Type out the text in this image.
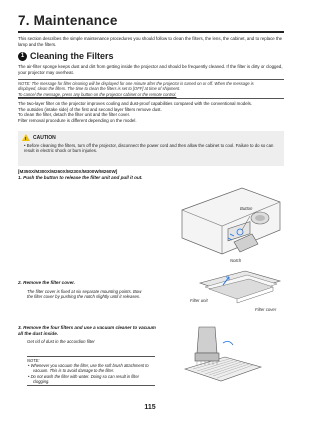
7. Maintenance
This section describes the simple maintenance procedures you should follow to clean the filters, the lens, the cabinet, and to replace the lamp and the filters.
1 Cleaning the Filters
The air-filter sponge keeps dust and dirt from getting inside the projector and should be frequently cleaned. If the filter is dirty or clogged, your projector may overheat.
NOTE: The message for filter cleaning will be displayed for one minute after the projector is turned on or off. When the message is
displayed, clean the filters. The time to clean the filters is set to [OFF] at time of shipment.
To cancel the message, press any button on the projector cabinet or the remote control.
The two-layer filter on the projector improves cooling and dust-proof capabilities compared with the conventional models.
The outsides (intake side) of the first and second layer filters remove dust.
To clean the filter, detach the filter unit and the filter cover.
Filter removal procedure is different depending on the model.
!
CAUTION
• Before cleaning the filters, turn off the projector, disconnect the power cord and then allow the cabinet to cool. Failure to do so can result in electric shock or burn injuries.
[M350X/M300X/M260X/M230X/M300W/M260W]
1. Push the button to release the filter unit and pull it out.
Button
2. Remove the filter cover.
The filter cover is fixed at six separate mounting points. Bow the filter cover by pushing the notch slightly until it releases.
Notch
Filter unit
Filter cover
3. Remove the four filters and use a vacuum cleaner to vacuum all the dust inside.
Get rid of dust in the accordion filter
NOTE:
• Whenever you vacuum the filter, use the soft brush attachment to vacuum. This is to avoid damage to the filter.
• Do not wash the filter with water. Doing so can result in filter clogging.
115
